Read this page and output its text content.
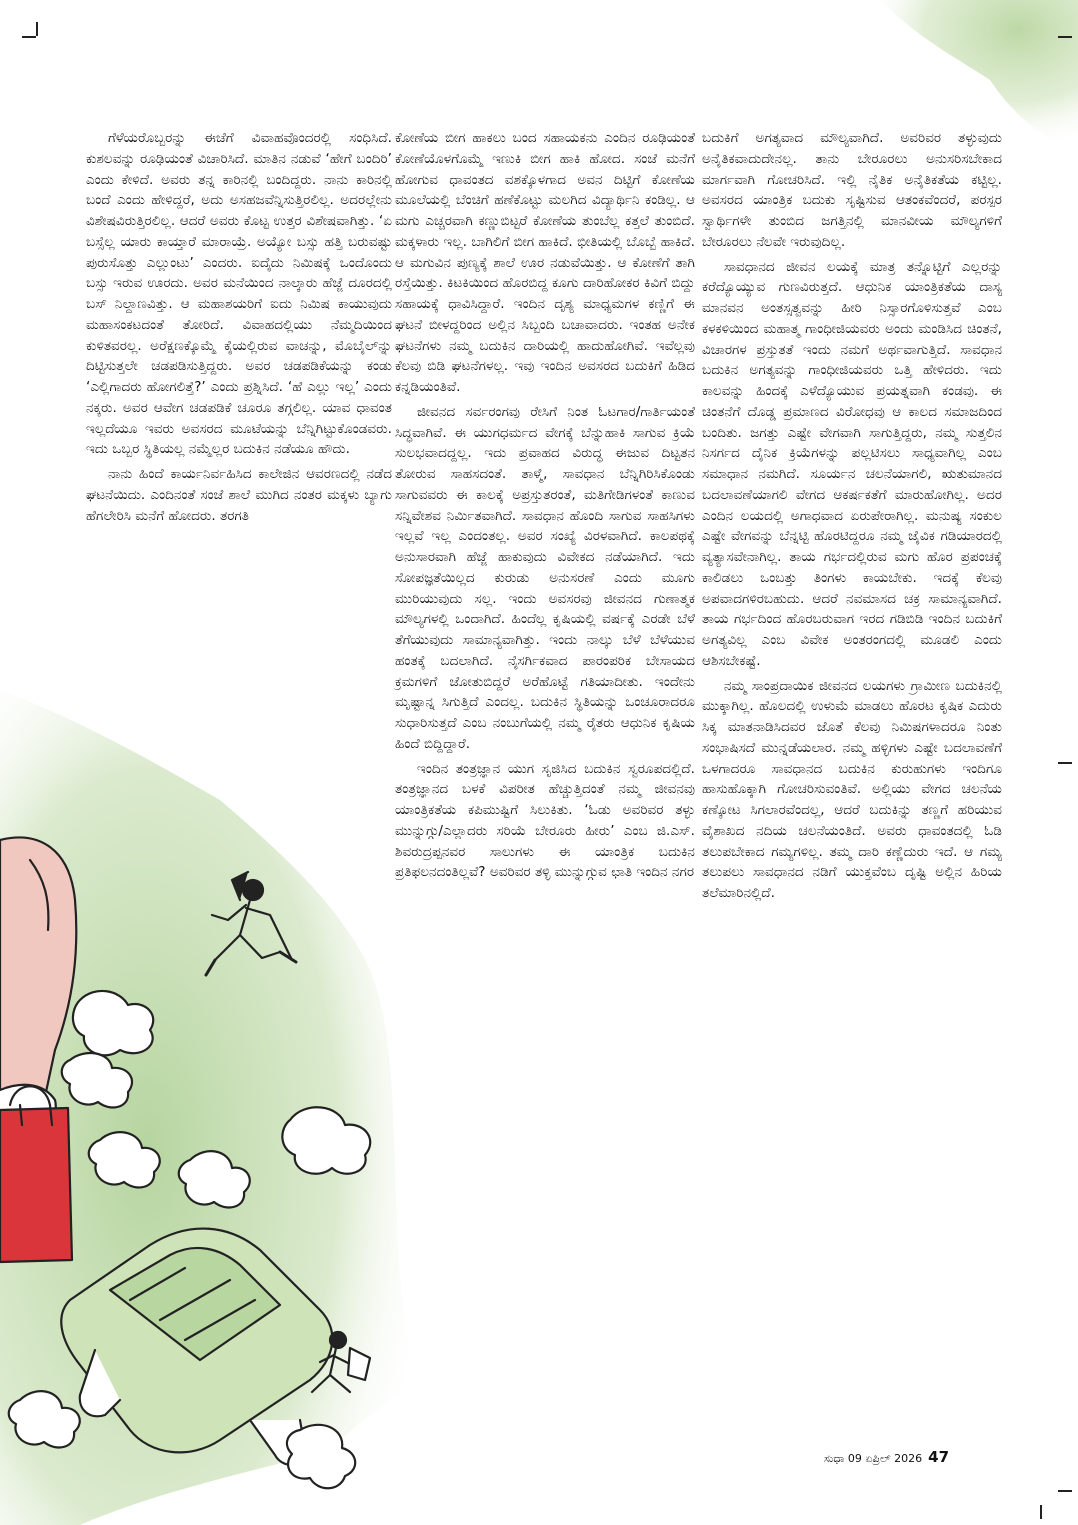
ಗೆಳೆಯರೊಬ್ಬರನ್ನು ಈಚೆಗೆ ವಿವಾಹವೊಂದರಲ್ಲಿ ಸಂಧಿಸಿದೆ. ಕುಶಲವನ್ನು ರೂಢಿಯಂತೆ ವಿಚಾರಿಸಿದೆ. ಮಾತಿನ ನಡುವೆ ‘ಹೇಗೆ ಬಂದಿರಿ’ ಎಂದು ಕೇಳಿದೆ. ಅವರು ತನ್ನ ಕಾರಿನಲ್ಲಿ ಬಂದಿದ್ದರು. ನಾನು ಕಾರಿನಲ್ಲಿ ಬಂದೆ ಎಂದು ಹೇಳಿದ್ದರೆ, ಅದು ಅಸಹಜವೆನ್ನಿಸುತ್ತಿರಲಿಲ್ಲ. ಅದರಲ್ಲೇನು ವಿಶೇಷವಿರುತ್ತಿರಲಿಲ್ಲ. ಆದರೆ ಅವರು ಕೊಟ್ಟ ಉತ್ತರ ವಿಶೇಷವಾಗಿತ್ತು. ‘ಏ ಬಸ್ಸೆಲ್ಲ ಯಾರು ಕಾಯ್ತಾರೆ ಮಾರಾಯ್ರೆ. ಅಯ್ಯೋ ಬಸ್ಸು ಹತ್ತಿ ಬರುವಷ್ಟು ಪುರುಸೊತ್ತು ಎಲ್ಲುಂಟು’ ಎಂದರು. ಐದೈದು ನಿಮಿಷಕ್ಕೆ ಒಂದೊಂದು ಬಸ್ಸು ಇರುವ ಊರದು. ಅವರ ಮನೆಯಿಂದ ನಾಲ್ಕಾರು ಹೆಜ್ಜೆ ದೂರದಲ್ಲಿ ಬಸ್ ನಿಲ್ದಾಣವಿತ್ತು. ಆ ಮಹಾಶಯರಿಗೆ ಐದು ನಿಮಿಷ ಕಾಯುವುದು ಮಹಾಸಂಕಟದಂತೆ ತೋರಿದೆ. ವಿವಾಹದಲ್ಲಿಯು ನೆಮ್ಮದಿಯಿಂದ ಕುಳಿತವರಲ್ಲ. ಅರೆಕ್ಷಣಕ್ಕೊಮ್ಮೆ ಕೈಯಲ್ಲಿರುವ ವಾಚನ್ನು, ಮೊಬೈಲ್‌ನ್ನು ದಿಟ್ಟಿಸುತ್ತಲೇ ಚಡಪಡಿಸುತ್ತಿದ್ದರು. ಅವರ ಚಡಪಡಿಕೆಯನ್ನು ಕಂಡು ‘ಎಲ್ಲಿಗಾದರು ಹೋಗಲಿತ್ತೆ?’ ಎಂದು ಪ್ರಶ್ನಿಸಿದೆ. ‘ಹೆ ಎಲ್ಲು ಇಲ್ಲ’ ಎಂದು ನಕ್ಕರು. ಅವರ ಆವೇಗ ಚಡಪಡಿಕೆ ಚೂರೂ ತಗ್ಗಲಿಲ್ಲ. ಯಾವ ಧಾವಂತ ಇಲ್ಲದೆಯೂ ಇವರು ಅವಸರದ ಮೂಟೆಯನ್ನು ಬೆನ್ನಿಗಿಟ್ಟುಕೊಂಡವರು. ಇದು ಒಬ್ಬರ ಸ್ಥಿತಿಯಲ್ಲ ನಮ್ಮೆಲ್ಲರ ಬದುಕಿನ ನಡೆಯೂ ಹೌದು.

ನಾನು ಹಿಂದೆ ಕಾರ್ಯನಿರ್ವಹಿಸಿದ ಕಾಲೇಜಿನ ಆವರಣದಲ್ಲಿ ನಡೆದ ಘಟನೆಯಿದು. ಎಂದಿನಂತೆ ಸಂಜೆ ಶಾಲೆ ಮುಗಿದ ನಂತರ ಮಕ್ಕಳು ಬ್ಯಾಗು ಹೆಗಲೇರಿಸಿ ಮನೆಗೆ ಹೋದರು. ತರಗತಿ

ಕೋಣೆಯ ಬೀಗ ಹಾಕಲು ಬಂದ ಸಹಾಯಕನು ಎಂದಿನ ರೂಢಿಯಂತೆ ಕೋಣೆಯೊಳಗೊಮ್ಮೆ ಇಣುಕಿ ಬೀಗ ಹಾಕಿ ಹೋದ. ಸಂಜೆ ಮನೆಗೆ ಹೋಗುವ ಧಾವಂತದ ವಶಕ್ಕೊಳಗಾದ ಅವನ ದಿಟ್ಟಿಗೆ ಕೋಣೆಯ ಮೂಲೆಯಲ್ಲಿ ಬೆಂಚಿಗೆ ಹಣೆಕೊಟ್ಟು ಮಲಗಿದ ವಿದ್ಯಾರ್ಥಿನಿ ಕಂಡಿಲ್ಲ. ಆ ಮಗು ಎಚ್ಚರವಾಗಿ ಕಣ್ಣುಬಿಟ್ಟರೆ ಕೋಣೆಯ ತುಂಬೆಲ್ಲ ಕತ್ತಲೆ ತುಂಬಿದೆ. ಮಕ್ಕಳಾರು ಇಲ್ಲ. ಬಾಗಿಲಿಗೆ ಬೀಗ ಹಾಕಿದೆ. ಭೀತಿಯಲ್ಲಿ ಬೊಬ್ಬೆ ಹಾಕಿದೆ. ಆ ಮಗುವಿನ ಪುಣ್ಯಕ್ಕೆ ಶಾಲೆ ಊರ ನಡುವೆಯಿತ್ತು. ಆ ಕೋಣೆಗೆ ತಾಗಿ ರಸ್ತೆಯಿತ್ತು. ಕಿಟಕಿಯಿಂದ ಹೊರಬಿದ್ದ ಕೂಗು ದಾರಿಹೋಕರ ಕಿವಿಗೆ ಬಿದ್ದು ಸಹಾಯಕ್ಕೆ ಧಾವಿಸಿದ್ದಾರೆ. ಇಂದಿನ ದೃಶ್ಯ ಮಾಧ್ಯಮಗಳ ಕಣ್ಣಿಗೆ ಈ ಘಟನೆ ಬೀಳದ್ದರಿಂದ ಅಲ್ಲಿನ ಸಿಬ್ಬಂದಿ ಬಚಾವಾದರು. ಇಂತಹ ಅನೇಕ ಘಟನೆಗಳು ನಮ್ಮ ಬದುಕಿನ ದಾರಿಯಲ್ಲಿ ಹಾದುಹೋಗಿವೆ. ಇವೆಲ್ಲವು ಕೆಲವು ಬಿಡಿ ಘಟನೆಗಳಲ್ಲ. ಇವು ಇಂದಿನ ಅವಸರದ ಬದುಕಿಗೆ ಹಿಡಿದ ಕನ್ನಡಿಯಂತಿವೆ.

ಜೀವನದ ಸರ್ವರಂಗವು ರೇಸಿಗೆ ನಿಂತ ಓಟಗಾರ/ಗಾರ್ತಿಯಂತೆ ಸಿದ್ಧವಾಗಿವೆ. ಈ ಯುಗಧರ್ಮದ ವೇಗಕ್ಕೆ ಬೆನ್ನುಹಾಕಿ ಸಾಗುವ ಕ್ರಿಯೆ ಸುಲಭವಾದದ್ದಲ್ಲ. ಇದು ಪ್ರವಾಹದ ವಿರುದ್ಧ ಈಜುವ ದಿಟ್ಟತನ ತೋರುವ ಸಾಹಸದಂತೆ. ತಾಳ್ಮೆ, ಸಾವಧಾನ ಬೆನ್ನಿಗಿರಿಸಿಕೊಂಡು ಸಾಗುವವರು ಈ ಕಾಲಕ್ಕೆ ಅಪ್ರಸ್ತುತರಂತೆ, ಮತಿಗೇಡಿಗಳಂತೆ ಕಾಣುವ ಸನ್ನಿವೇಶವ ನಿರ್ಮಿತವಾಗಿದೆ. ಸಾವಧಾನ ಹೊಂದಿ ಸಾಗುವ ಸಾಹಸಿಗಳು ಇಲ್ಲವೆ ಇಲ್ಲ ಎಂದಂತಲ್ಲ. ಅವರ ಸಂಖ್ಯೆ ವಿರಳವಾಗಿದೆ. ಕಾಲಪಥಕ್ಕೆ ಅನುಸಾರವಾಗಿ ಹೆಜ್ಜೆ ಹಾಕುವುದು ವಿವೇಕದ ನಡೆಯಾಗಿದೆ. ಇದು ಸೋಪಜ್ಞತೆಯಿಲ್ಲದ ಕುರುಡು ಅನುಸರಣೆ ಎಂದು ಮೂಗು ಮುರಿಯುವುದು ಸಲ್ಲ. ಇಂದು ಅವಸರವು ಜೀವನದ ಗುಣಾತ್ಮಕ ಮೌಲ್ಯಗಳಲ್ಲಿ ಒಂದಾಗಿದೆ. ಹಿಂದೆಲ್ಲ ಕೃಷಿಯಲ್ಲಿ ವರ್ಷಕ್ಕೆ ಎರಡೇ ಬೆಳೆ ತೆಗೆಯುವುದು ಸಾಮಾನ್ಯವಾಗಿತ್ತು. ಇಂದು ನಾಲ್ಕು ಬೆಳೆ ಬೆಳೆಯುವ ಹಂತಕ್ಕೆ ಬದಲಾಗಿದೆ. ನೈಸರ್ಗಿಕವಾದ ಪಾರಂಪರಿಕ ಬೇಸಾಯದ ಕ್ರಮಗಳಿಗೆ ಜೋತುಬಿದ್ದರೆ ಅರೆಹೊಟ್ಟೆ ಗತಿಯಾದೀತು. ಇಂದೇನು ಮೃಷ್ಟಾನ್ನ ಸಿಗುತ್ತಿದೆ ಎಂದಲ್ಲ. ಬದುಕಿನ ಸ್ಥಿತಿಯನ್ನು ಒಂಚೂರಾದರೂ ಸುಧಾರಿಸುತ್ತದೆ ಎಂಬ ನಂಬುಗೆಯಲ್ಲಿ ನಮ್ಮ ರೈತರು ಆಧುನಿಕ ಕೃಷಿಯ ಹಿಂದೆ ಬಿದ್ದಿದ್ದಾರೆ.

ಇಂದಿನ ತಂತ್ರಜ್ಞಾನ ಯುಗ ಸೃಜಿಸಿದ ಬದುಕಿನ ಸ್ವರೂಪದಲ್ಲಿದೆ. ತಂತ್ರಜ್ಞಾನದ ಬಳಕೆ ವಿಪರೀತ ಹೆಚ್ಚುತ್ತಿದಂತೆ ನಮ್ಮ ಜೀವನವು ಯಾಂತ್ರಿಕತೆಯ ಕಪಿಮುಷ್ಟಿಗೆ ಸಿಲುಕಿತು. ‘ಓಡು ಅವರಿವರ ತಳ್ಳು ಮುನ್ನುಗ್ಗು/ಎಲ್ಲಾದರು ಸರಿಯೆ ಬೇರೂರು ಹೀರು’ ಎಂಬ ಜಿ.ಎಸ್. ಶಿವರುದ್ರಪ್ಪನವರ ಸಾಲುಗಳು ಈ ಯಾಂತ್ರಿಕ ಬದುಕಿನ ಪ್ರತಿಫಲನದಂತಿಲ್ಲವೆ? ಅವರಿವರ ತಳ್ಳಿ ಮುನ್ನುಗ್ಗುವ ಛಾತಿ ಇಂದಿನ ನಗರ

ಬದುಕಿಗೆ ಅಗತ್ಯವಾದ ಮೌಲ್ಯವಾಗಿದೆ. ಅವರಿವರ ತಳ್ಳುವುದು ಅನೈತಿಕವಾದುದೇನಲ್ಲ. ತಾನು ಬೇರೂರಲು ಅನುಸರಿಸಬೇಕಾದ ಮಾರ್ಗವಾಗಿ ಗೋಚರಿಸಿದೆ. ಇಲ್ಲಿ ನೈತಿಕ ಅನೈತಿಕತೆಯ ಕಟ್ಟಿಲ್ಲ. ಅವಸರದ ಯಾಂತ್ರಿಕ ಬದುಕು ಸೃಷ್ಟಿಸುವ ಆತಂಕವೆಂದರೆ, ಪರಸ್ಪರ ಸ್ವಾರ್ಥಿಗಳೇ ತುಂಬಿದ ಜಗತ್ತಿನಲ್ಲಿ ಮಾನವೀಯ ಮೌಲ್ಯಗಳಿಗೆ ಬೇರೂರಲು ನೆಲವೇ ಇರುವುದಿಲ್ಲ.

ಸಾವಧಾನದ ಜೀವನ ಲಯಕ್ಕೆ ಮಾತ್ರ ತನ್ನೊಟ್ಟಿಗೆ ಎಲ್ಲರನ್ನು ಕರೆದ್ಯೊಯ್ಯುವ ಗುಣವಿರುತ್ತದೆ. ಆಧುನಿಕ ಯಾಂತ್ರಿಕತೆಯ ದಾಸ್ಯ ಮಾನವನ ಅಂತಸ್ಸತ್ವವನ್ನು ಹೀರಿ ನಿಸ್ಸಾರಗೊಳಿಸುತ್ತವೆ ಎಂಬ ಕಳಕಳಿಯಿಂದ ಮಹಾತ್ಮ ಗಾಂಧೀಜಿಯವರು ಅಂದು ಮಂಡಿಸಿದ ಚಿಂತನೆ, ವಿಚಾರಗಳ ಪ್ರಸ್ತುತತೆ ಇಂದು ನಮಗೆ ಅರ್ಥವಾಗುತ್ತಿದೆ. ಸಾವಧಾನ ಬದುಕಿನ ಅಗತ್ಯವನ್ನು ಗಾಂಧೀಜಿಯವರು ಒತ್ತಿ ಹೇಳಿದರು. ಇದು ಕಾಲವನ್ನು ಹಿಂದಕ್ಕೆ ಎಳೆದ್ಯೊಯುವ ಪ್ರಯತ್ನವಾಗಿ ಕಂಡವು. ಈ ಚಿಂತನೆಗೆ ದೊಡ್ಡ ಪ್ರಮಾಣದ ವಿರೋಧವು ಆ ಕಾಲದ ಸಮಾಜದಿಂದ ಬಂದಿತು. ಜಗತ್ತು ಎಷ್ಟೇ ವೇಗವಾಗಿ ಸಾಗುತ್ತಿದ್ದರು, ನಮ್ಮ ಸುತ್ತಲಿನ ನಿಸರ್ಗದ ದೈನಿಕ ಕ್ರಿಯೆಗಳನ್ನು ಪಲ್ಲಟಿಸಲು ಸಾಧ್ಯವಾಗಿಲ್ಲ ಎಂಬ ಸಮಾಧಾನ ನಮಗಿದೆ. ಸೂರ್ಯನ ಚಲನೆಯಾಗಲಿ, ಋತುಮಾನದ ಬದಲಾವಣೆಯಾಗಲಿ ವೇಗದ ಆಕರ್ಷಕತೆಗೆ ಮಾರುಹೋಗಿಲ್ಲ. ಅದರ ಎಂದಿನ ಲಯದಲ್ಲಿ ಅಗಾಧವಾದ ಏರುಪೇರಾಗಿಲ್ಲ. ಮನುಷ್ಯ ಸಂಕುಲ ಎಷ್ಟೇ ವೇಗವನ್ನು ಬೆನ್ನಟ್ಟಿ ಹೊರಟಿದ್ದರೂ ನಮ್ಮ ಜೈವಿಕ ಗಡಿಯಾರದಲ್ಲಿ ವ್ಯತ್ಯಾಸವೇನಾಗಿಲ್ಲ. ತಾಯ ಗರ್ಭದಲ್ಲಿರುವ ಮಗು ಹೊರ ಪ್ರಪಂಚಕ್ಕೆ ಕಾಲಿಡಲು ಒಂಬತ್ತು ತಿಂಗಳು ಕಾಯಬೇಕು. ಇದಕ್ಕೆ ಕೆಲವು ಅಪವಾದಗಳಿರಬಹುದು. ಆದರೆ ನವಮಾಸದ ಚಕ್ರ ಸಾಮಾನ್ಯವಾಗಿದೆ. ತಾಯ ಗರ್ಭದಿಂದ ಹೊರಬರುವಾಗ ಇರದ ಗಡಿಬಿಡಿ ಇಂದಿನ ಬದುಕಿಗೆ ಅಗತ್ಯವಿಲ್ಲ ಎಂಬ ವಿವೇಕ ಅಂತರಂಗದಲ್ಲಿ ಮೂಡಲಿ ಎಂದು ಆಶಿಸಬೇಕಷ್ಟೆ.

ನಮ್ಮ ಸಾಂಪ್ರದಾಯಿಕ ಜೀವನದ ಲಯಗಳು ಗ್ರಾಮೀಣ ಬದುಕಿನಲ್ಲಿ ಮುಕ್ಕಾಗಿಲ್ಲ. ಹೊಲದಲ್ಲಿ ಉಳುಮೆ ಮಾಡಲು ಹೊರಟ ಕೃಷಿಕ ಎದುರು ಸಿಕ್ಕ ಮಾತನಾಡಿಸಿದವರ ಜೊತೆ ಕೆಲವು ನಿಮಿಷಗಳಾದರೂ ನಿಂತು ಸಂಭಾಷಿಸದೆ ಮುನ್ನಡೆಯಲಾರ. ನಮ್ಮ ಹಳ್ಳಿಗಳು ಎಷ್ಟೇ ಬದಲಾವಣೆಗೆ ಒಳಗಾದರೂ ಸಾವಧಾನದ ಬದುಕಿನ ಕುರುಹುಗಳು ಇಂದಿಗೂ ಹಾಸುಹೊಕ್ಕಾಗಿ ಗೋಚರಿಸುವಂತಿವೆ. ಅಲ್ಲಿಯು ವೇಗದ ಚಲನೆಯ ಕಣ್ಕೋಟ ಸಿಗಲಾರವೆಂದಲ್ಲ, ಆದರೆ ಬದುಕಿನ್ನು ತಣ್ಣಗೆ ಹರಿಯುವ ವೈಶಾಖದ ನದಿಯ ಚಲನೆಯಂತಿದೆ. ಅವರು ಧಾವಂತದಲ್ಲಿ ಓಡಿ ತಲುಪಬೇಕಾದ ಗಮ್ಯಗಳಿಲ್ಲ. ತಮ್ಮ ದಾರಿ ಕಣ್ಣೆದುರು ಇದೆ. ಆ ಗಮ್ಯ ತಲುಪಲು ಸಾವಧಾನದ ನಡಿಗೆ ಯುಕ್ತವೆಂಬ ದೃಷ್ಟಿ ಅಲ್ಲಿನ ಹಿರಿಯ ತಲೆಮಾರಿನಲ್ಲಿದೆ.

ಸುಧಾ 09 ಏಪ್ರಿಲ್ 2026 47
